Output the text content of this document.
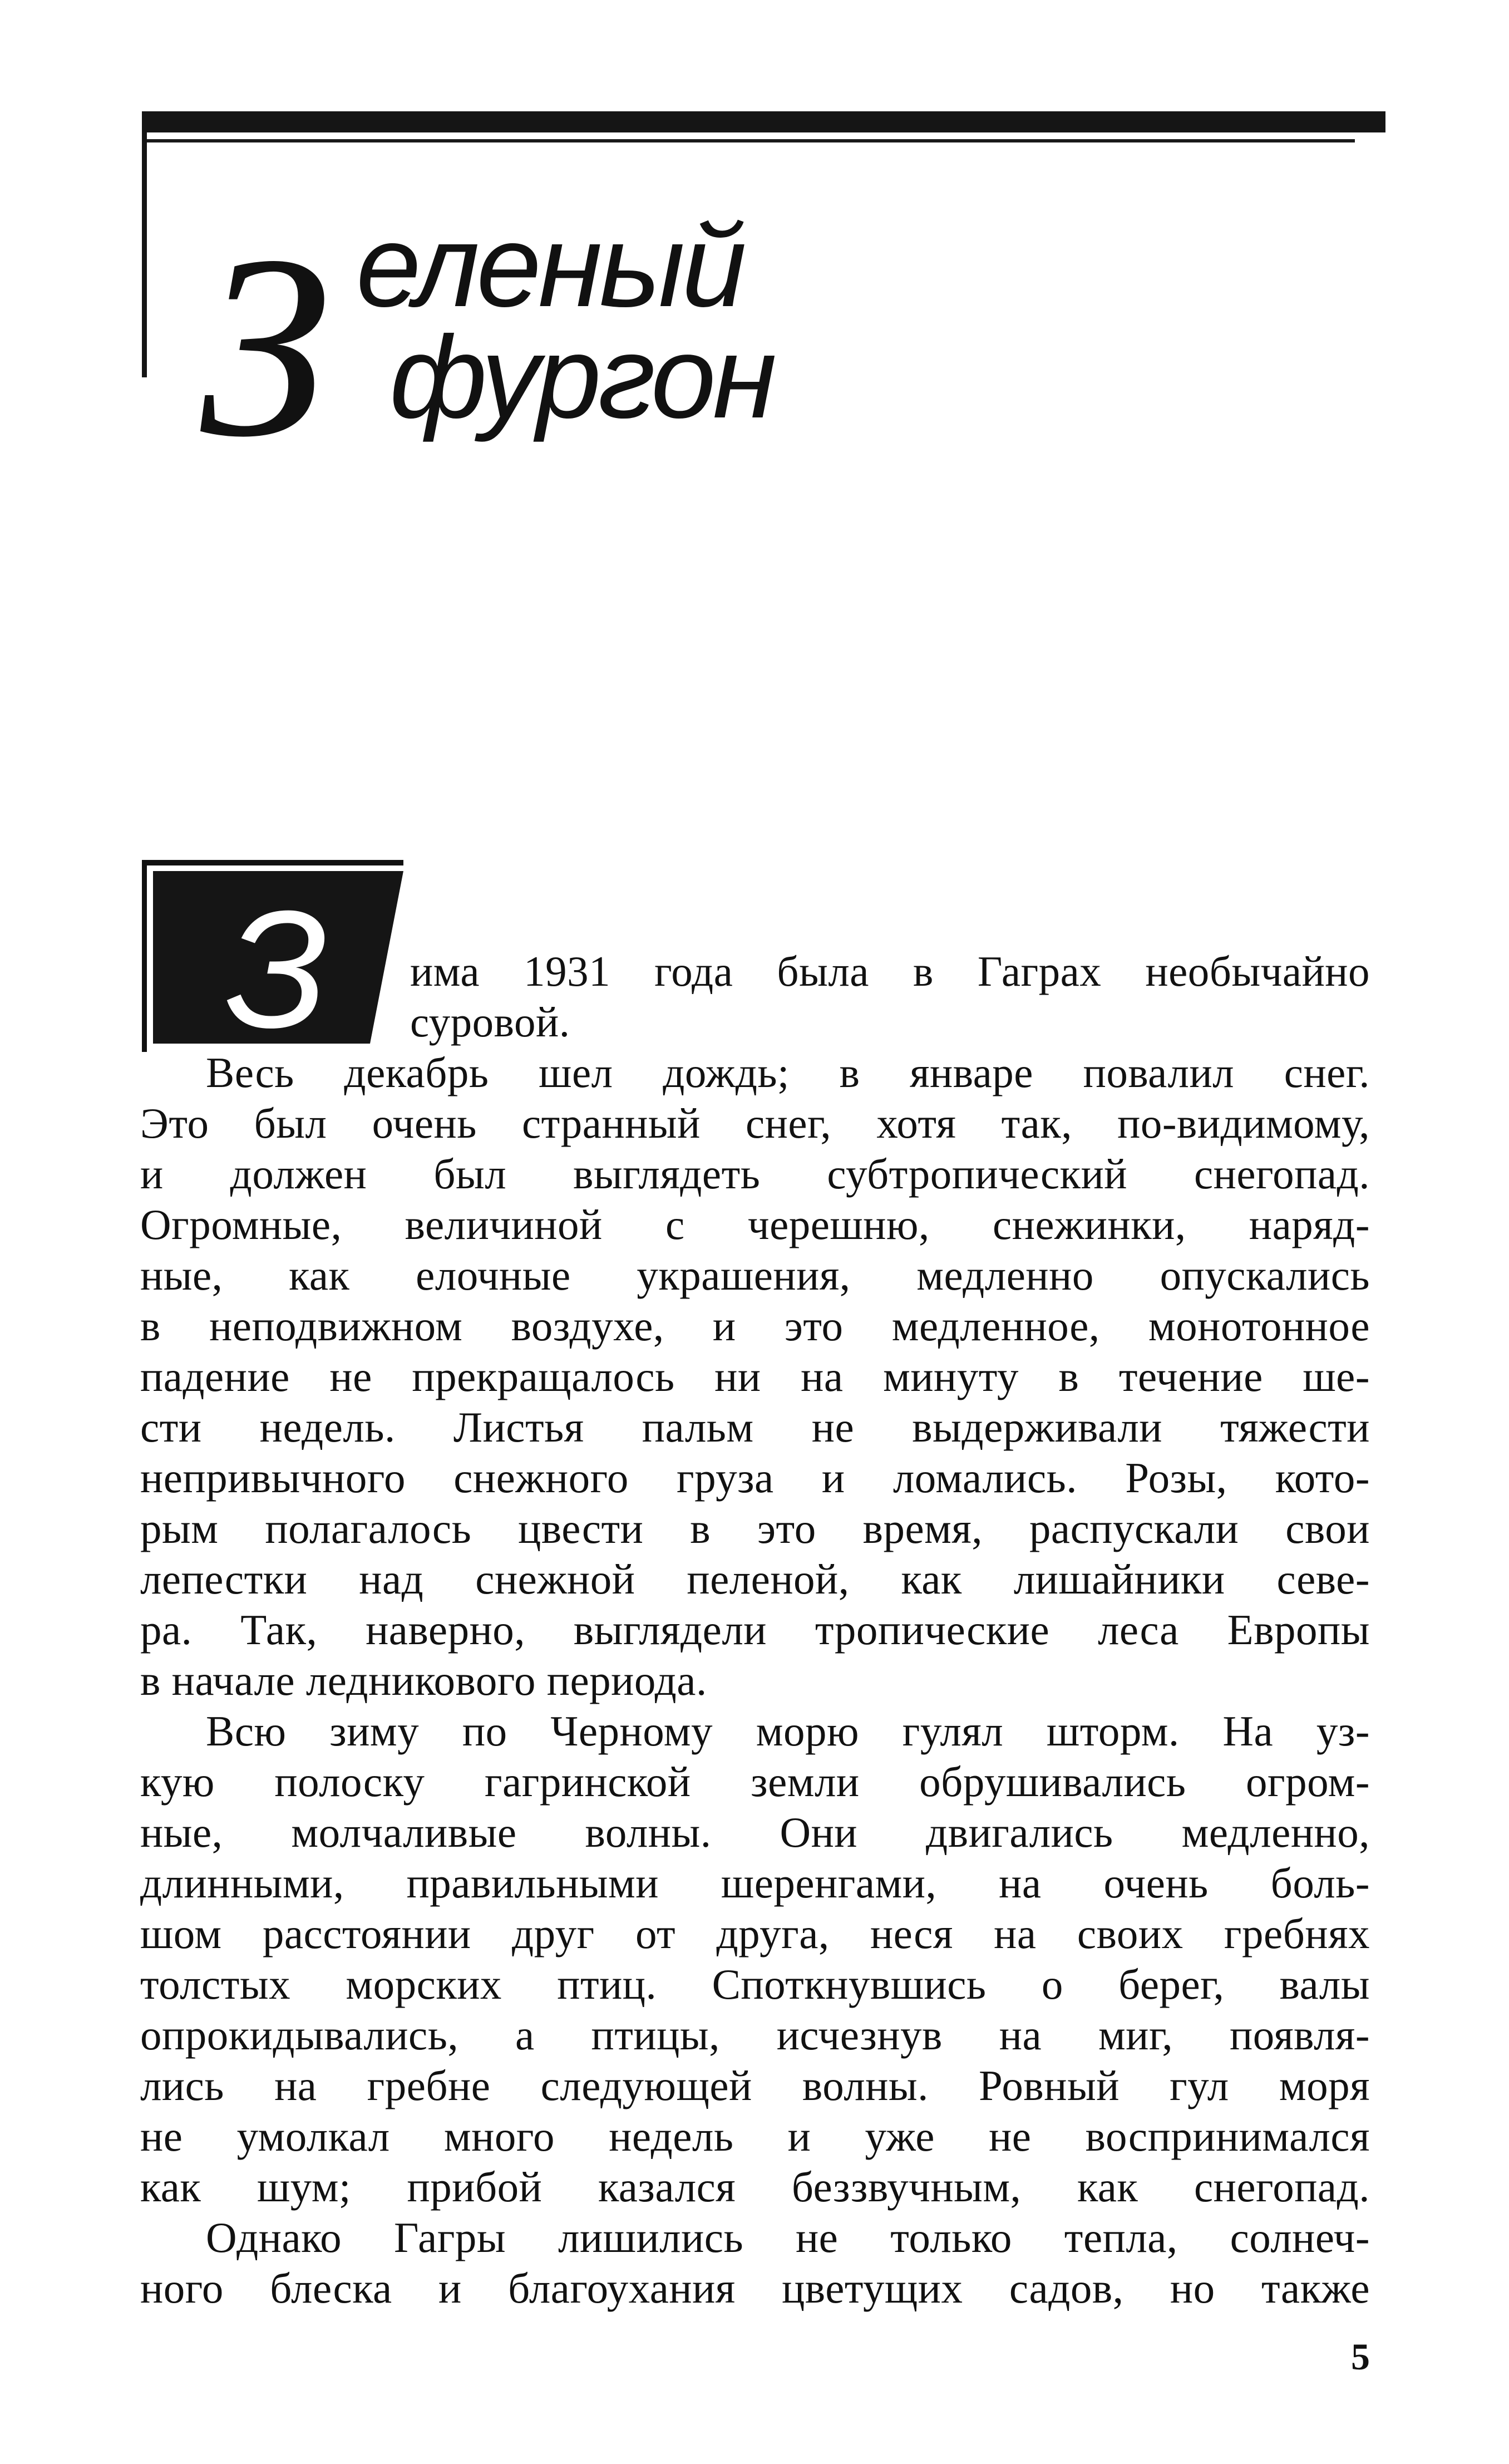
З еленый
фургон
З има 1931 года была в Гаграх необычайно
суровой.
Весь декабрь шел дождь; в январе повалил снег.
Это был очень странный снег, хотя так, по-видимому,
и должен был выглядеть субтропический снегопад.
Огромные, величиной с черешню, снежинки, наряд-
ные, как елочные украшения, медленно опускались
в неподвижном воздухе, и это медленное, монотонное
падение не прекращалось ни на минуту в течение ше-
сти недель. Листья пальм не выдерживали тяжести
непривычного снежного груза и ломались. Розы, кото-
рым полагалось цвести в это время, распускали свои
лепестки над снежной пеленой, как лишайники севе-
ра. Так, наверно, выглядели тропические леса Европы
в начале ледникового периода.
Всю зиму по Черному морю гулял шторм. На уз-
кую полоску гагринской земли обрушивались огром-
ные, молчаливые волны. Они двигались медленно,
длинными, правильными шеренгами, на очень боль-
шом расстоянии друг от друга, неся на своих гребнях
толстых морских птиц. Споткнувшись о берег, валы
опрокидывались, а птицы, исчезнув на миг, появля-
лись на гребне следующей волны. Ровный гул моря
не умолкал много недель и уже не воспринимался
как шум; прибой казался беззвучным, как снегопад.
Однако Гагры лишились не только тепла, солнеч-
ного блеска и благоухания цветущих садов, но также
5
